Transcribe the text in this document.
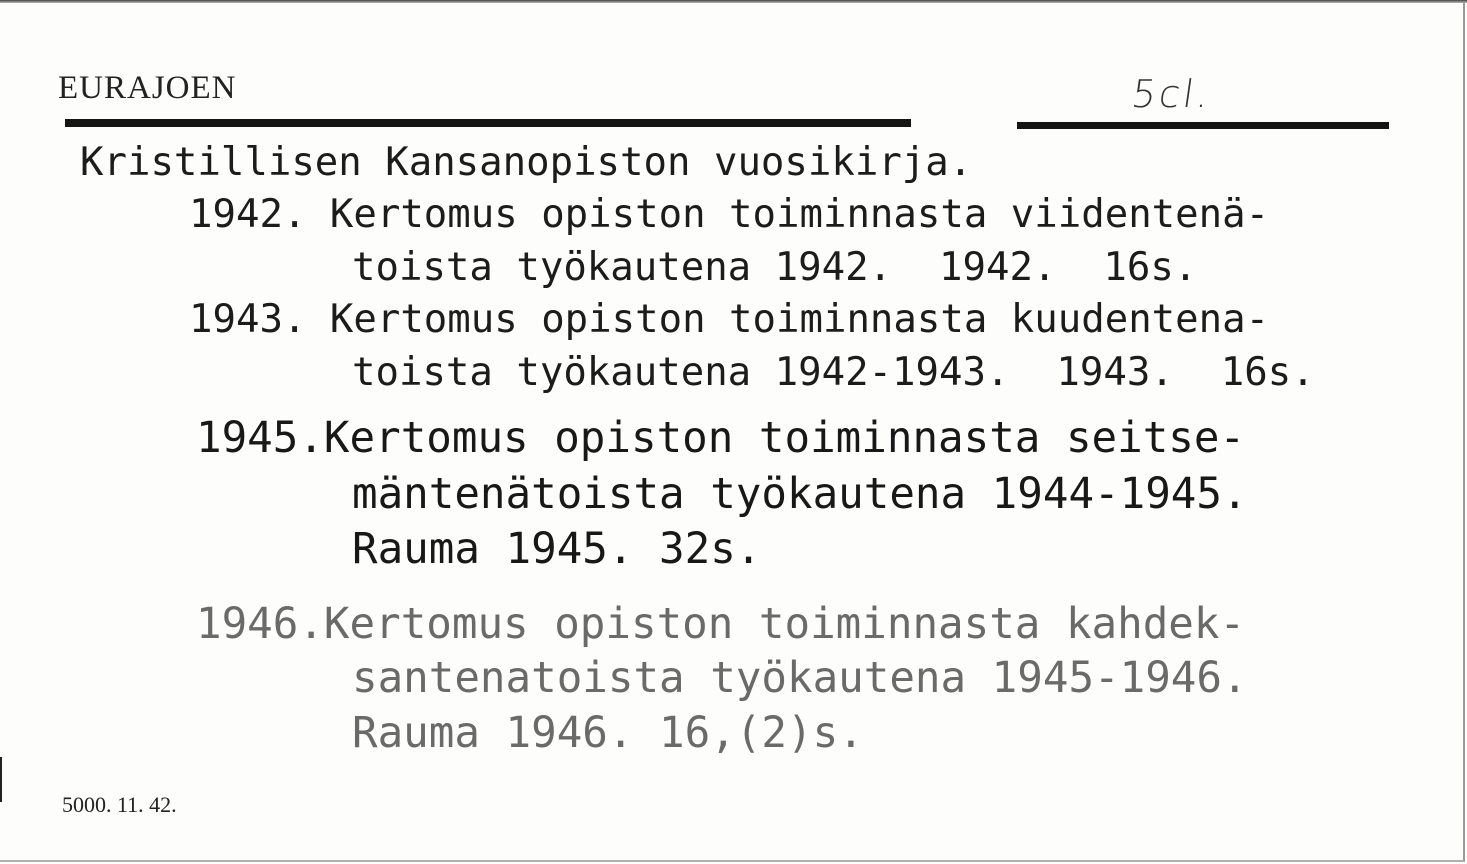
EURAJOEN	5cl.
Kristillisen Kansanopiston vuosikirja.
1942. Kertomus opiston toiminnasta viidentenä-
toista työkautena 1942.  1942.  16s.
1943. Kertomus opiston toiminnasta kuudentena-
toista työkautena 1942-1943.  1943.  16s.
1945.Kertomus opiston toiminnasta seitse-
mäntenätoista työkautena 1944-1945.
Rauma 1945. 32s.
1946.Kertomus opiston toiminnasta kahdek-
santenatoista työkautena 1945-1946.
Rauma 1946. 16,(2)s.
5000. 11. 42.
